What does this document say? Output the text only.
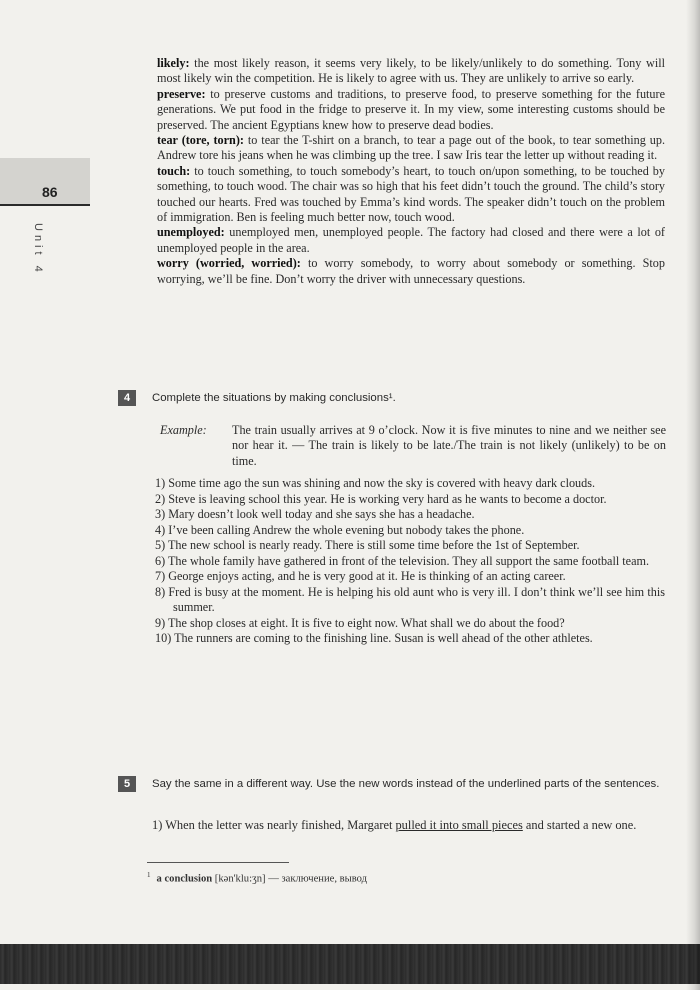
86
Unit 4

likely: the most likely reason, it seems very likely, to be likely/unlikely to do something. Tony will most likely win the competition. He is likely to agree with us. They are unlikely to arrive so early.

preserve: to preserve customs and traditions, to preserve food, to preserve something for the future generations. We put food in the fridge to preserve it. In my view, some interesting customs should be preserved. The ancient Egyptians knew how to preserve dead bodies.

tear (tore, torn): to tear the T-shirt on a branch, to tear a page out of the book, to tear something up. Andrew tore his jeans when he was climbing up the tree. I saw Iris tear the letter up without reading it.

touch: to touch something, to touch somebody’s heart, to touch on/upon something, to be touched by something, to touch wood. The chair was so high that his feet didn’t touch the ground. The child’s story touched our hearts. Fred was touched by Emma’s kind words. The speaker didn’t touch on the problem of immigration. Ben is feeling much better now, touch wood.

unemployed: unemployed men, unemployed people. The factory had closed and there were a lot of unemployed people in the area.

worry (worried, worried): to worry somebody, to worry about somebody or something. Stop worrying, we’ll be fine. Don’t worry the driver with unnecessary questions.

4	Complete the situations by making conclusions¹.
Example: The train usually arrives at 9 o’clock. Now it is five minutes to nine and we neither see nor hear it. — The train is likely to be late./The train is not likely (unlikely) to be on time.
1) Some time ago the sun was shining and now the sky is covered with heavy dark clouds.
2) Steve is leaving school this year. He is working very hard as he wants to become a doctor.
3) Mary doesn’t look well today and she says she has a headache.
4) I’ve been calling Andrew the whole evening but nobody takes the phone.
5) The new school is nearly ready. There is still some time before the 1st of September.
6) The whole family have gathered in front of the television. They all support the same football team.
7) George enjoys acting, and he is very good at it. He is thinking of an acting career.
8) Fred is busy at the moment. He is helping his old aunt who is very ill. I don’t think we’ll see him this summer.
9) The shop closes at eight. It is five to eight now. What shall we do about the food?
10) The runners are coming to the finishing line. Susan is well ahead of the other athletes.
5	Say the same in a different way. Use the new words instead of the underlined parts of the sentences.

1) When the letter was nearly finished, Margaret pulled it into small pieces and started a new one.

$^1$ a conclusion [kən'klu:ʒn] — заключение, вывод
